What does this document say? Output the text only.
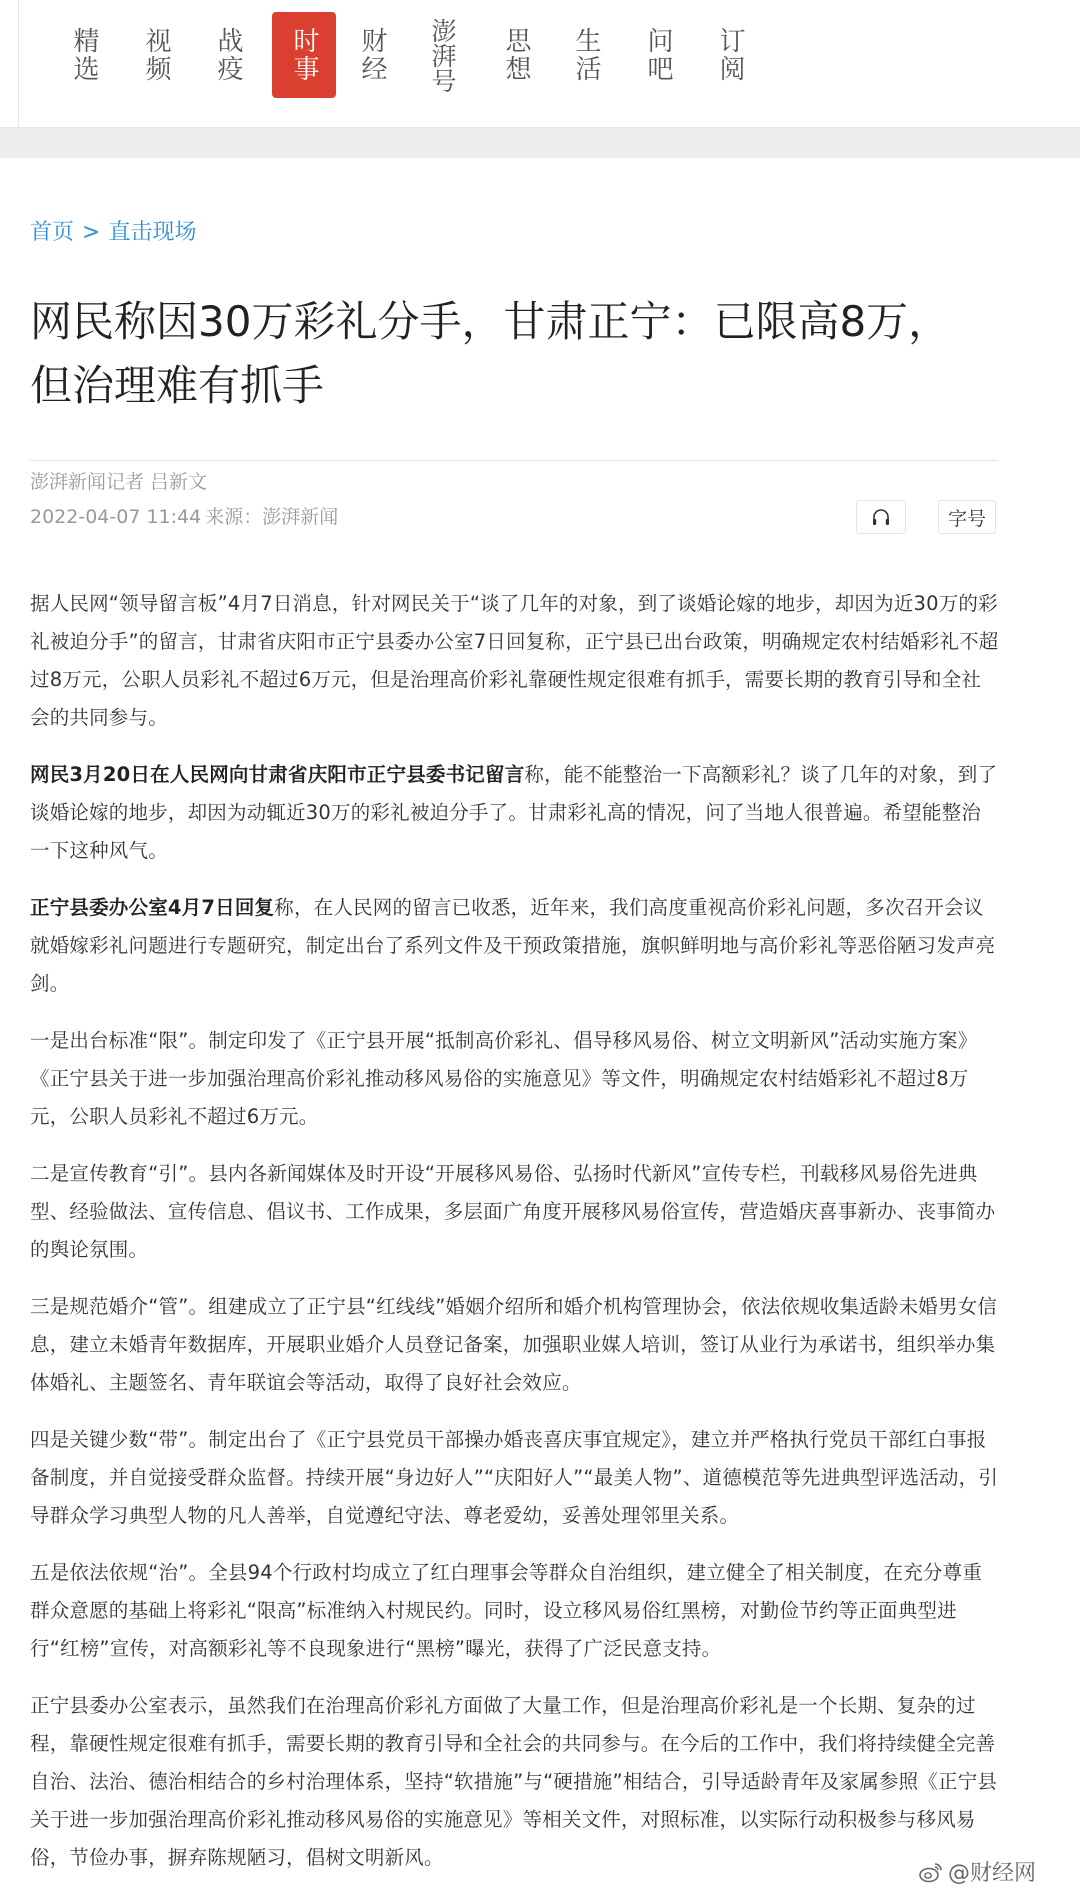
精选	视频	战疫	时事	财经	澎湃号	思想	生活	问吧	订阅
首页 > 直击现场
网民称因30万彩礼分手，甘肃正宁：已限高8万，但治理难有抓手
澎湃新闻记者 吕新文
2022-04-07 11:44 来源：澎湃新闻	字号

据人民网“领导留言板”4月7日消息，针对网民关于“谈了几年的对象，到了谈婚论嫁的地步，却因为近30万的彩礼被迫分手”的留言，甘肃省庆阳市正宁县委办公室7日回复称，正宁县已出台政策，明确规定农村结婚彩礼不超过8万元，公职人员彩礼不超过6万元，但是治理高价彩礼靠硬性规定很难有抓手，需要长期的教育引导和全社会的共同参与。

网民3月20日在人民网向甘肃省庆阳市正宁县委书记留言称，能不能整治一下高额彩礼？谈了几年的对象，到了谈婚论嫁的地步，却因为动辄近30万的彩礼被迫分手了。甘肃彩礼高的情况，问了当地人很普遍。希望能整治一下这种风气。

正宁县委办公室4月7日回复称，在人民网的留言已收悉，近年来，我们高度重视高价彩礼问题，多次召开会议就婚嫁彩礼问题进行专题研究，制定出台了系列文件及干预政策措施，旗帜鲜明地与高价彩礼等恶俗陋习发声亮剑。

一是出台标准“限”。制定印发了《正宁县开展“抵制高价彩礼、倡导移风易俗、树立文明新风”活动实施方案》《正宁县关于进一步加强治理高价彩礼推动移风易俗的实施意见》等文件，明确规定农村结婚彩礼不超过8万元，公职人员彩礼不超过6万元。

二是宣传教育“引”。县内各新闻媒体及时开设“开展移风易俗、弘扬时代新风”宣传专栏，刊载移风易俗先进典型、经验做法、宣传信息、倡议书、工作成果，多层面广角度开展移风易俗宣传，营造婚庆喜事新办、丧事简办的舆论氛围。

三是规范婚介“管”。组建成立了正宁县“红线线”婚姻介绍所和婚介机构管理协会，依法依规收集适龄未婚男女信息，建立未婚青年数据库，开展职业婚介人员登记备案，加强职业媒人培训，签订从业行为承诺书，组织举办集体婚礼、主题签名、青年联谊会等活动，取得了良好社会效应。

四是关键少数“带”。制定出台了《正宁县党员干部操办婚丧喜庆事宜规定》，建立并严格执行党员干部红白事报备制度，并自觉接受群众监督。持续开展“身边好人”“庆阳好人”“最美人物”、道德模范等先进典型评选活动，引导群众学习典型人物的凡人善举，自觉遵纪守法、尊老爱幼，妥善处理邻里关系。

五是依法依规“治”。全县94个行政村均成立了红白理事会等群众自治组织，建立健全了相关制度，在充分尊重群众意愿的基础上将彩礼“限高”标准纳入村规民约。同时，设立移风易俗红黑榜，对勤俭节约等正面典型进行“红榜”宣传，对高额彩礼等不良现象进行“黑榜”曝光，获得了广泛民意支持。

正宁县委办公室表示，虽然我们在治理高价彩礼方面做了大量工作，但是治理高价彩礼是一个长期、复杂的过程，靠硬性规定很难有抓手，需要长期的教育引导和全社会的共同参与。在今后的工作中，我们将持续健全完善自治、法治、德治相结合的乡村治理体系，坚持“软措施”与“硬措施”相结合，引导适龄青年及家属参照《正宁县关于进一步加强治理高价彩礼推动移风易俗的实施意见》等相关文件，对照标准，以实际行动积极参与移风易俗，节俭办事，摒弃陈规陋习，倡树文明新风。

@财经网
